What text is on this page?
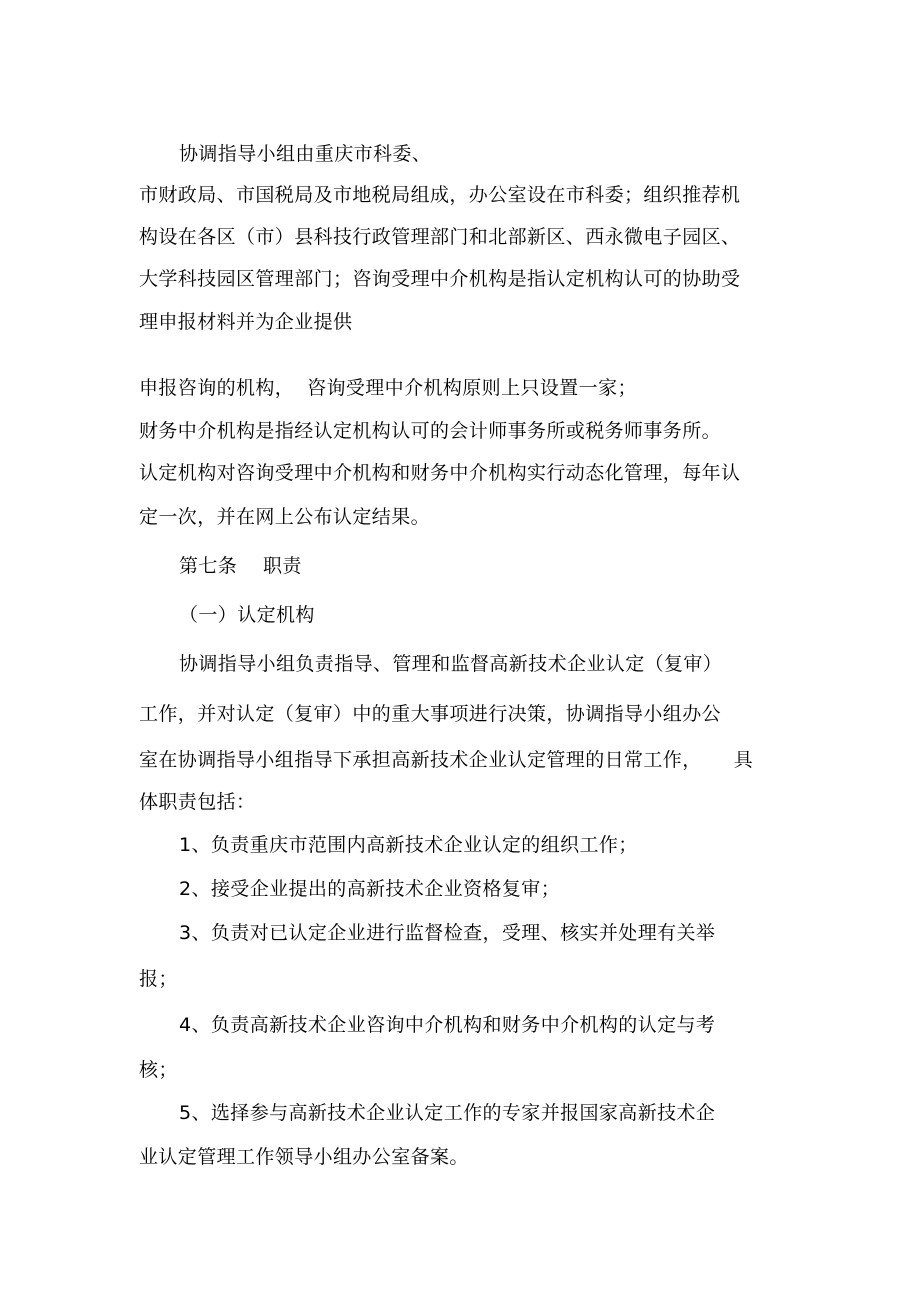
协调指导小组由重庆市科委、
市财政局、市国税局及市地税局组成，办公室设在市科委；组织推荐机
构设在各区（市）县科技行政管理部门和北部新区、西永微电子园区、
大学科技园区管理部门；咨询受理中介机构是指认定机构认可的协助受
理申报材料并为企业提供
申报咨询的机构，  咨询受理中介机构原则上只设置一家；
财务中介机构是指经认定机构认可的会计师事务所或税务师事务所。
认定机构对咨询受理中介机构和财务中介机构实行动态化管理，每年认
定一次，并在网上公布认定结果。
第七条    职责
（一）认定机构
协调指导小组负责指导、管理和监督高新技术企业认定（复审）
工作，并对认定（复审）中的重大事项进行决策，协调指导小组办公
室在协调指导小组指导下承担高新技术企业认定管理的日常工作，     具
体职责包括：
1、负责重庆市范围内高新技术企业认定的组织工作；
2、接受企业提出的高新技术企业资格复审；
3、负责对已认定企业进行监督检查，受理、核实并处理有关举
报；
4、负责高新技术企业咨询中介机构和财务中介机构的认定与考
核；
5、选择参与高新技术企业认定工作的专家并报国家高新技术企
业认定管理工作领导小组办公室备案。
